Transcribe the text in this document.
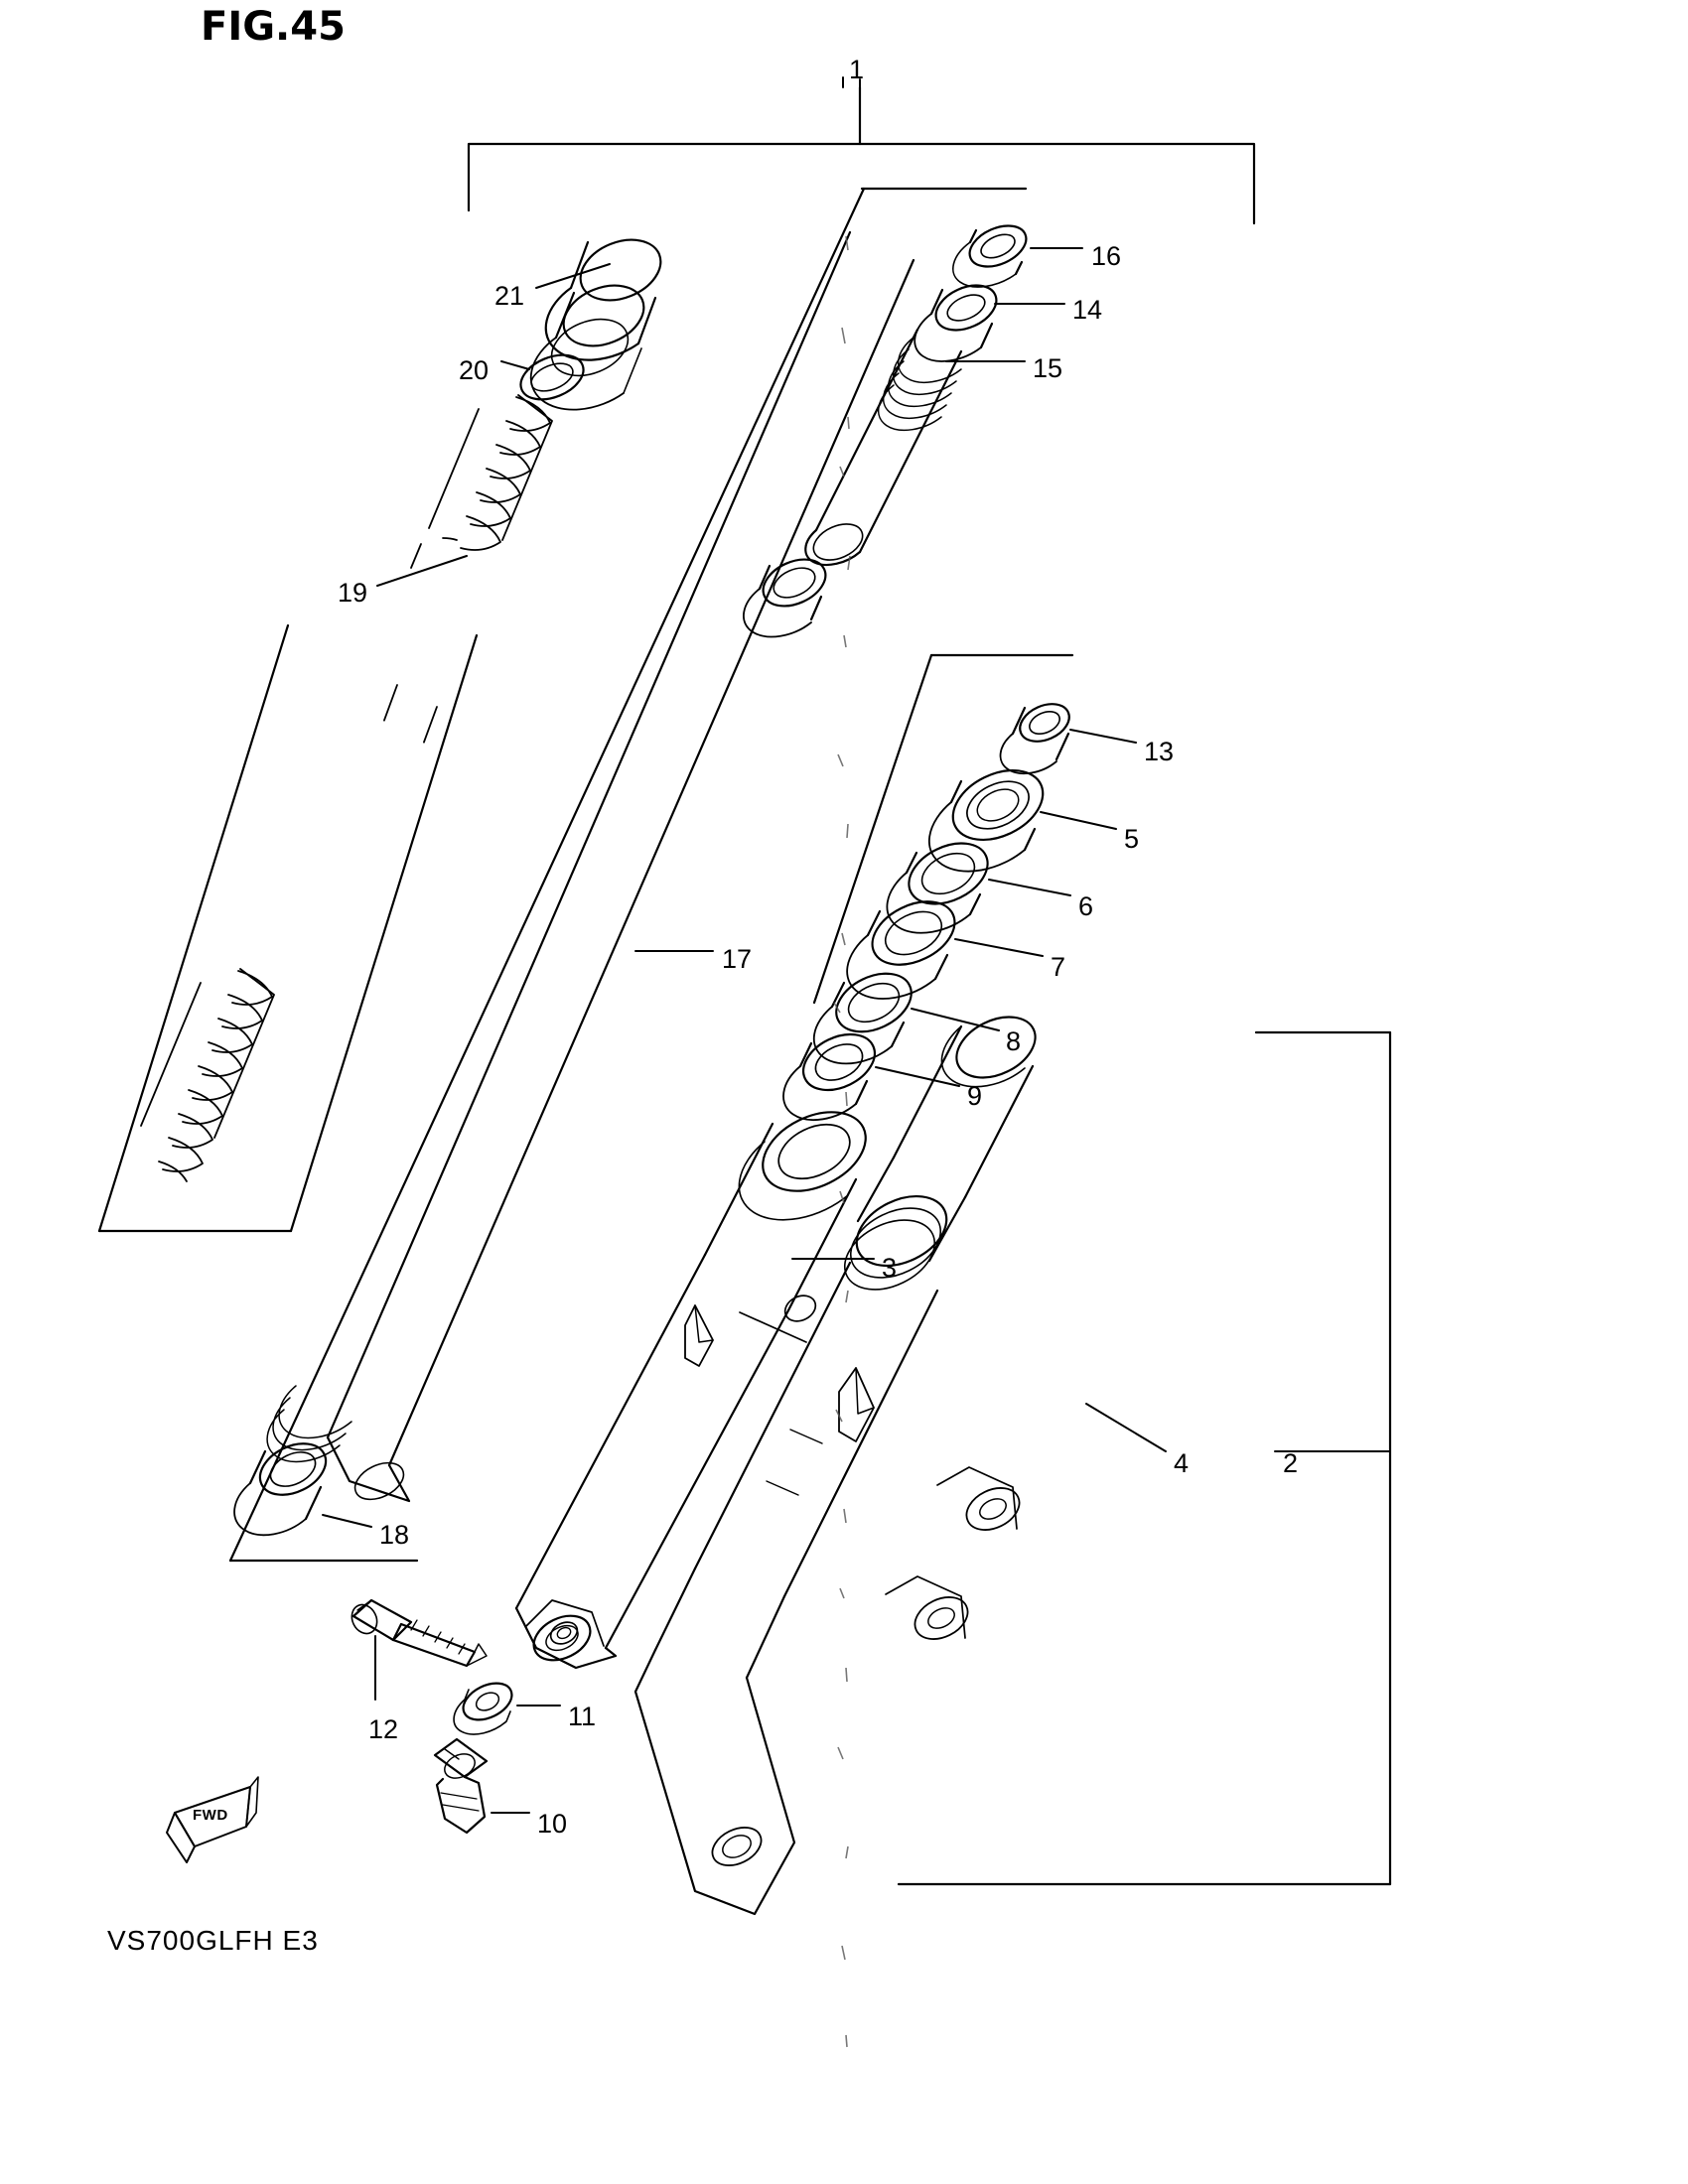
FIG.45
VS700GLFH E3
FWD
1
16
14
15
21
20
19
13
5
6
7
8
9
17
3
4	2
18
12	11
10
